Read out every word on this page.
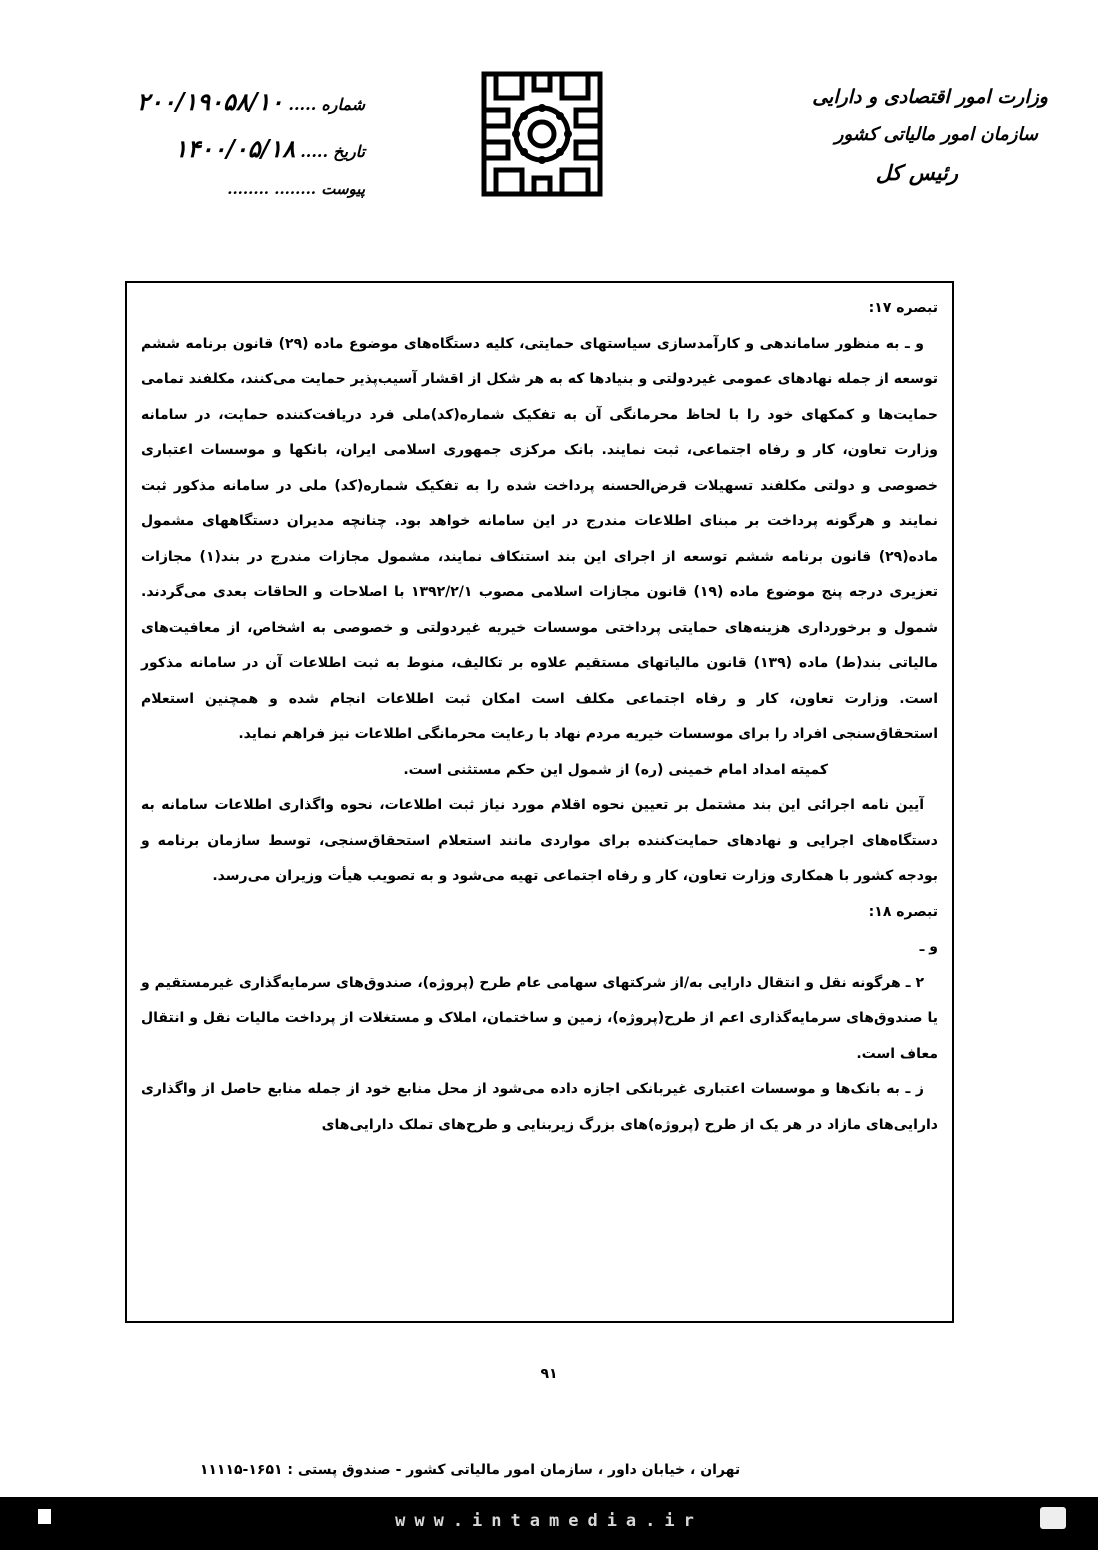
وزارت امور اقتصادی و دارایی
سازمان امور مالیاتی کشور
رئیس کل
شماره ..... ۲۰۰/۱۹۰۵۸/۱۰
تاریخ ..... ۱۴۰۰/۰۵/۱۸
پیوست ........ ........

تبصره ۱۷:

و ـ به منظور ساماندهی و کارآمدسازی سیاستهای حمایتی، کلیه دستگاه‌های موضوع ماده (۲۹) قانون برنامه ششم توسعه از جمله نهادهای عمومی غیردولتی و بنیادها که به هر شکل از اقشار آسیب‌پذیر حمایت می‌کنند، مکلفند تمامی حمایت‌ها و کمکهای خود را با لحاظ محرمانگی آن به تفکیک شماره(کد)ملی فرد دریافت‌کننده حمایت، در سامانه وزارت تعاون، کار و رفاه اجتماعی، ثبت نمایند. بانک مرکزی جمهوری اسلامی ایران، بانکها و موسسات اعتباری خصوصی و دولتی مکلفند تسهیلات قرض‌الحسنه پرداخت شده را به تفکیک شماره(کد) ملی در سامانه مذکور ثبت نمایند و هرگونه پرداخت بر مبنای اطلاعات مندرج در این سامانه خواهد بود. چنانچه مدیران دستگاههای مشمول ماده(۲۹) قانون برنامه ششم توسعه از اجرای این بند استنکاف نمایند، مشمول مجازات مندرج در بند(۱) مجازات تعزیری درجه پنج موضوع ماده (۱۹) قانون مجازات اسلامی مصوب ۱۳۹۲/۲/۱ با اصلاحات و الحاقات بعدی می‌گردند. شمول و برخورداری هزینه‌های حمایتی پرداختی موسسات خیریه غیردولتی و خصوصی به اشخاص، از معافیت‌های مالیاتی بند(ط) ماده (۱۳۹) قانون مالیاتهای مستقیم علاوه بر تکالیف، منوط به ثبت اطلاعات آن در سامانه مذکور است. وزارت تعاون، کار و رفاه اجتماعی مکلف است امکان ثبت اطلاعات انجام شده و همچنین استعلام استحقاق‌سنجی افراد را برای موسسات خیریه مردم نهاد با رعایت محرمانگی اطلاعات نیز فراهم نماید.

کمیته امداد امام خمینی (ره) از شمول این حکم مستثنی است.

آیین نامه اجرائی این بند مشتمل بر تعیین نحوه اقلام مورد نیاز ثبت اطلاعات، نحوه واگذاری اطلاعات سامانه به دستگاه‌های اجرایی و نهادهای حمایت‌کننده برای مواردی مانند استعلام استحقاق‌سنجی، توسط سازمان برنامه و بودجه کشور با همکاری وزارت تعاون، کار و رفاه اجتماعی تهیه می‌شود و به تصویب هیأت وزیران می‌رسد.

تبصره ۱۸:

و ـ

۲ ـ هرگونه نقل و انتقال دارایی به/از شرکتهای سهامی عام طرح (پروژه)، صندوق‌های سرمایه‌گذاری غیرمستقیم و یا صندوق‌های سرمایه‌گذاری اعم از طرح(پروژه)، زمین و ساختمان، املاک و مستغلات از پرداخت مالیات نقل و انتقال معاف است.

ز ـ به بانک‌ها و موسسات اعتباری غیربانکی اجازه داده می‌شود از محل منابع خود از جمله منابع حاصل از واگذاری دارایی‌های مازاد در هر یک از طرح (پروژه)‌های بزرگ زیربنایی و طرح‌های تملک دارایی‌های

۹۱
تهران ، خیابان داور ، سازمان امور مالیاتی کشور - صندوق پستی : ۱۶۵۱-۱۱۱۱۵
www.intamedia.ir
